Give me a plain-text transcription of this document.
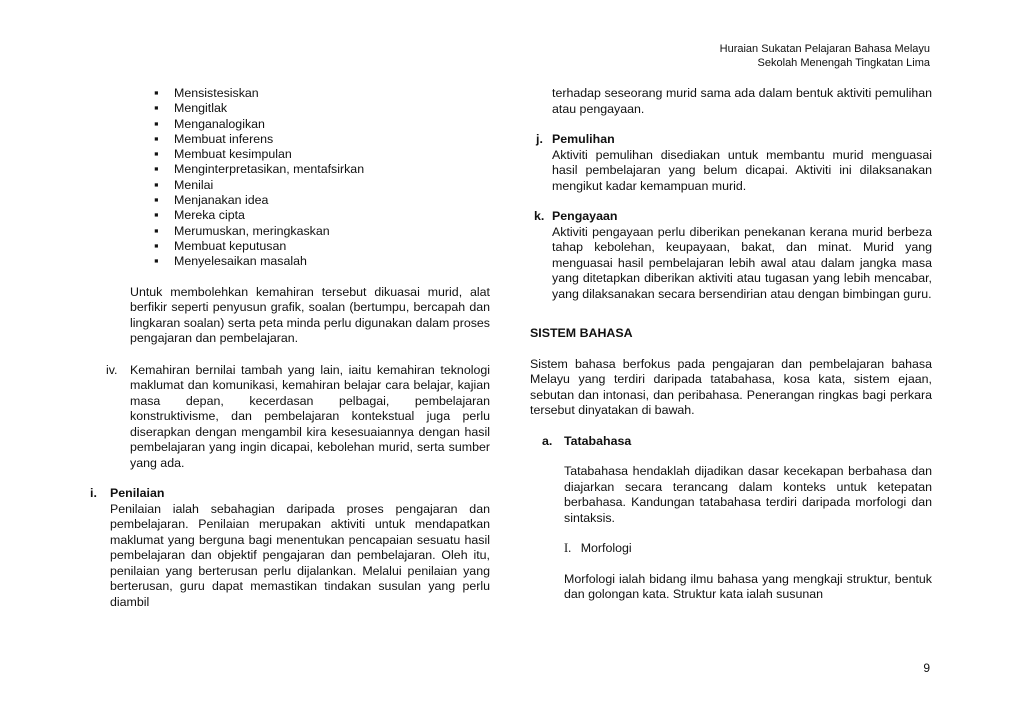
Huraian Sukatan Pelajaran Bahasa Melayu
Sekolah Menengah Tingkatan Lima
▪ Mensistesiskan
▪ Mengitlak
▪ Menganalogikan
▪ Membuat inferens
▪ Membuat kesimpulan
▪ Menginterpretasikan, mentafsirkan
▪ Menilai
▪ Menjanakan idea
▪ Mereka cipta
▪ Merumuskan, meringkaskan
▪ Membuat keputusan
▪ Menyelesaikan masalah

Untuk membolehkan kemahiran tersebut dikuasai murid, alat berfikir seperti penyusun grafik, soalan (bertumpu, bercapah dan lingkaran soalan) serta peta minda perlu digunakan dalam proses pengajaran dan pembelajaran.

iv. Kemahiran bernilai tambah yang lain, iaitu kemahiran teknologi maklumat dan komunikasi, kemahiran belajar cara belajar, kajian masa depan, kecerdasan pelbagai, pembelajaran konstruktivisme, dan pembelajaran kontekstual juga perlu diserapkan dengan mengambil kira kesesuaiannya dengan hasil pembelajaran yang ingin dicapai, kebolehan murid, serta sumber yang ada.

i. Penilaian

Penilaian ialah sebahagian daripada proses pengajaran dan pembelajaran. Penilaian merupakan aktiviti untuk mendapatkan maklumat yang berguna bagi menentukan pencapaian sesuatu hasil pembelajaran dan objektif pengajaran dan pembelajaran. Oleh itu, penilaian yang berterusan perlu dijalankan. Melalui penilaian yang berterusan, guru dapat memastikan tindakan susulan yang perlu diambil

terhadap seseorang murid sama ada dalam bentuk aktiviti pemulihan atau pengayaan.

j. Pemulihan

Aktiviti pemulihan disediakan untuk membantu murid menguasai hasil pembelajaran yang belum dicapai. Aktiviti ini dilaksanakan mengikut kadar kemampuan murid.

k. Pengayaan

Aktiviti pengayaan perlu diberikan penekanan kerana murid berbeza tahap kebolehan, keupayaan, bakat, dan minat. Murid yang menguasai hasil pembelajaran lebih awal atau dalam jangka masa yang ditetapkan diberikan aktiviti atau tugasan yang lebih mencabar, yang dilaksanakan secara bersendirian atau dengan bimbingan guru.

SISTEM BAHASA

Sistem bahasa berfokus pada pengajaran dan pembelajaran bahasa Melayu yang terdiri daripada tatabahasa, kosa kata, sistem ejaan, sebutan dan intonasi, dan peribahasa. Penerangan ringkas bagi perkara tersebut dinyatakan di bawah.

a. Tatabahasa

Tatabahasa hendaklah dijadikan dasar kecekapan berbahasa dan diajarkan secara terancang dalam konteks untuk ketepatan berbahasa. Kandungan tatabahasa terdiri daripada morfologi dan sintaksis.

I. Morfologi

Morfologi ialah bidang ilmu bahasa yang mengkaji struktur, bentuk dan golongan kata. Struktur kata ialah susunan

9
